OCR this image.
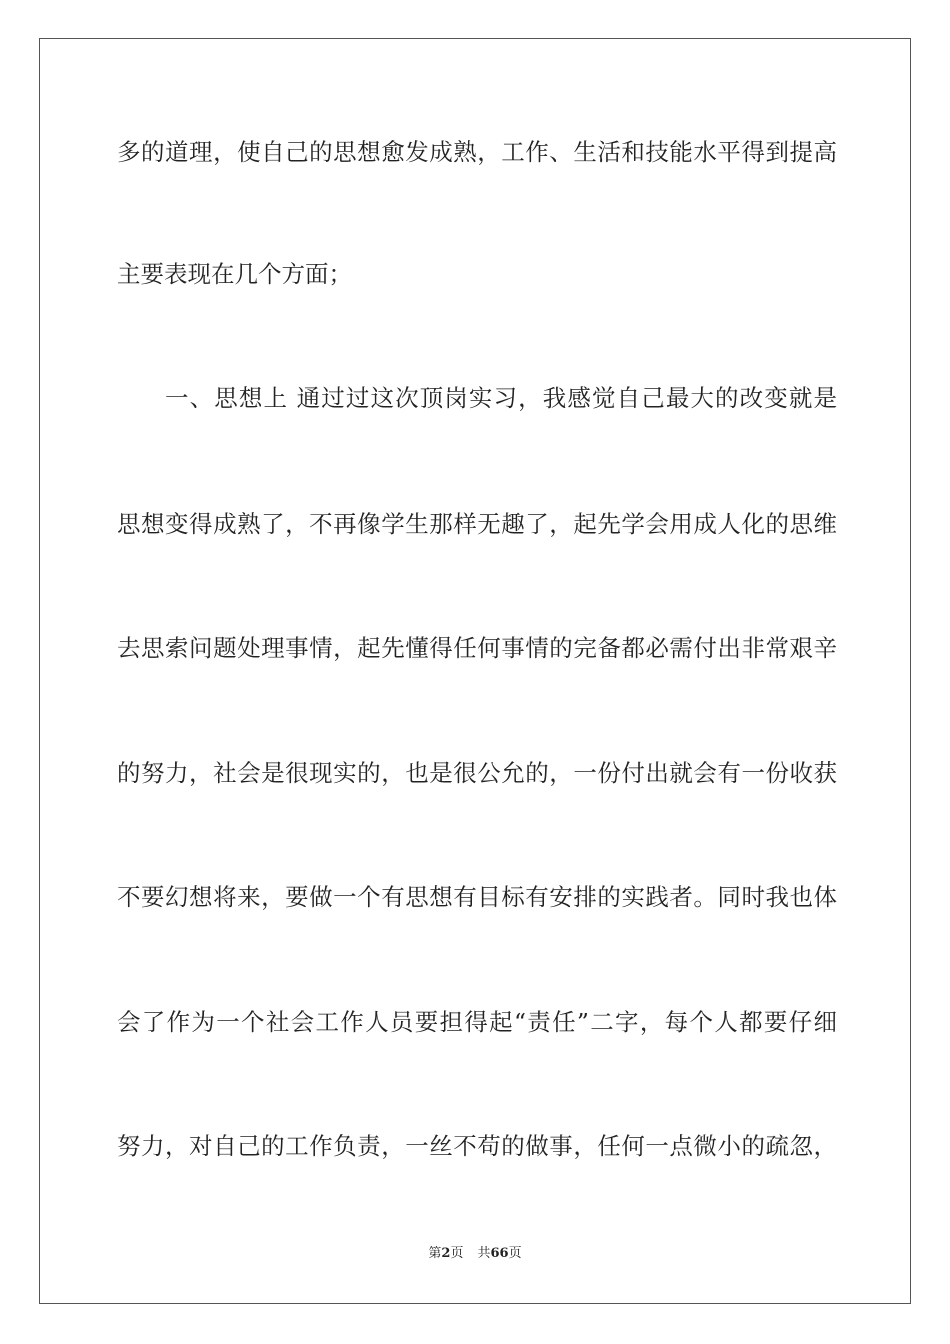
多的道理，使自己的思想愈发成熟，工作、生活和技能水平得到提高
主要表现在几个方面；
一、思想上 通过过这次顶岗实习，我感觉自己最大的改变就是
思想变得成熟了，不再像学生那样无趣了，起先学会用成人化的思维
去思索问题处理事情，起先懂得任何事情的完备都必需付出非常艰辛
的努力，社会是很现实的，也是很公允的，一份付出就会有一份收获
不要幻想将来，要做一个有思想有目标有安排的实践者。同时我也体
会了作为一个社会工作人员要担得起“责任”二字，每个人都要仔细
努力，对自己的工作负责，一丝不苟的做事，任何一点微小的疏忽，
第2页 共66页
